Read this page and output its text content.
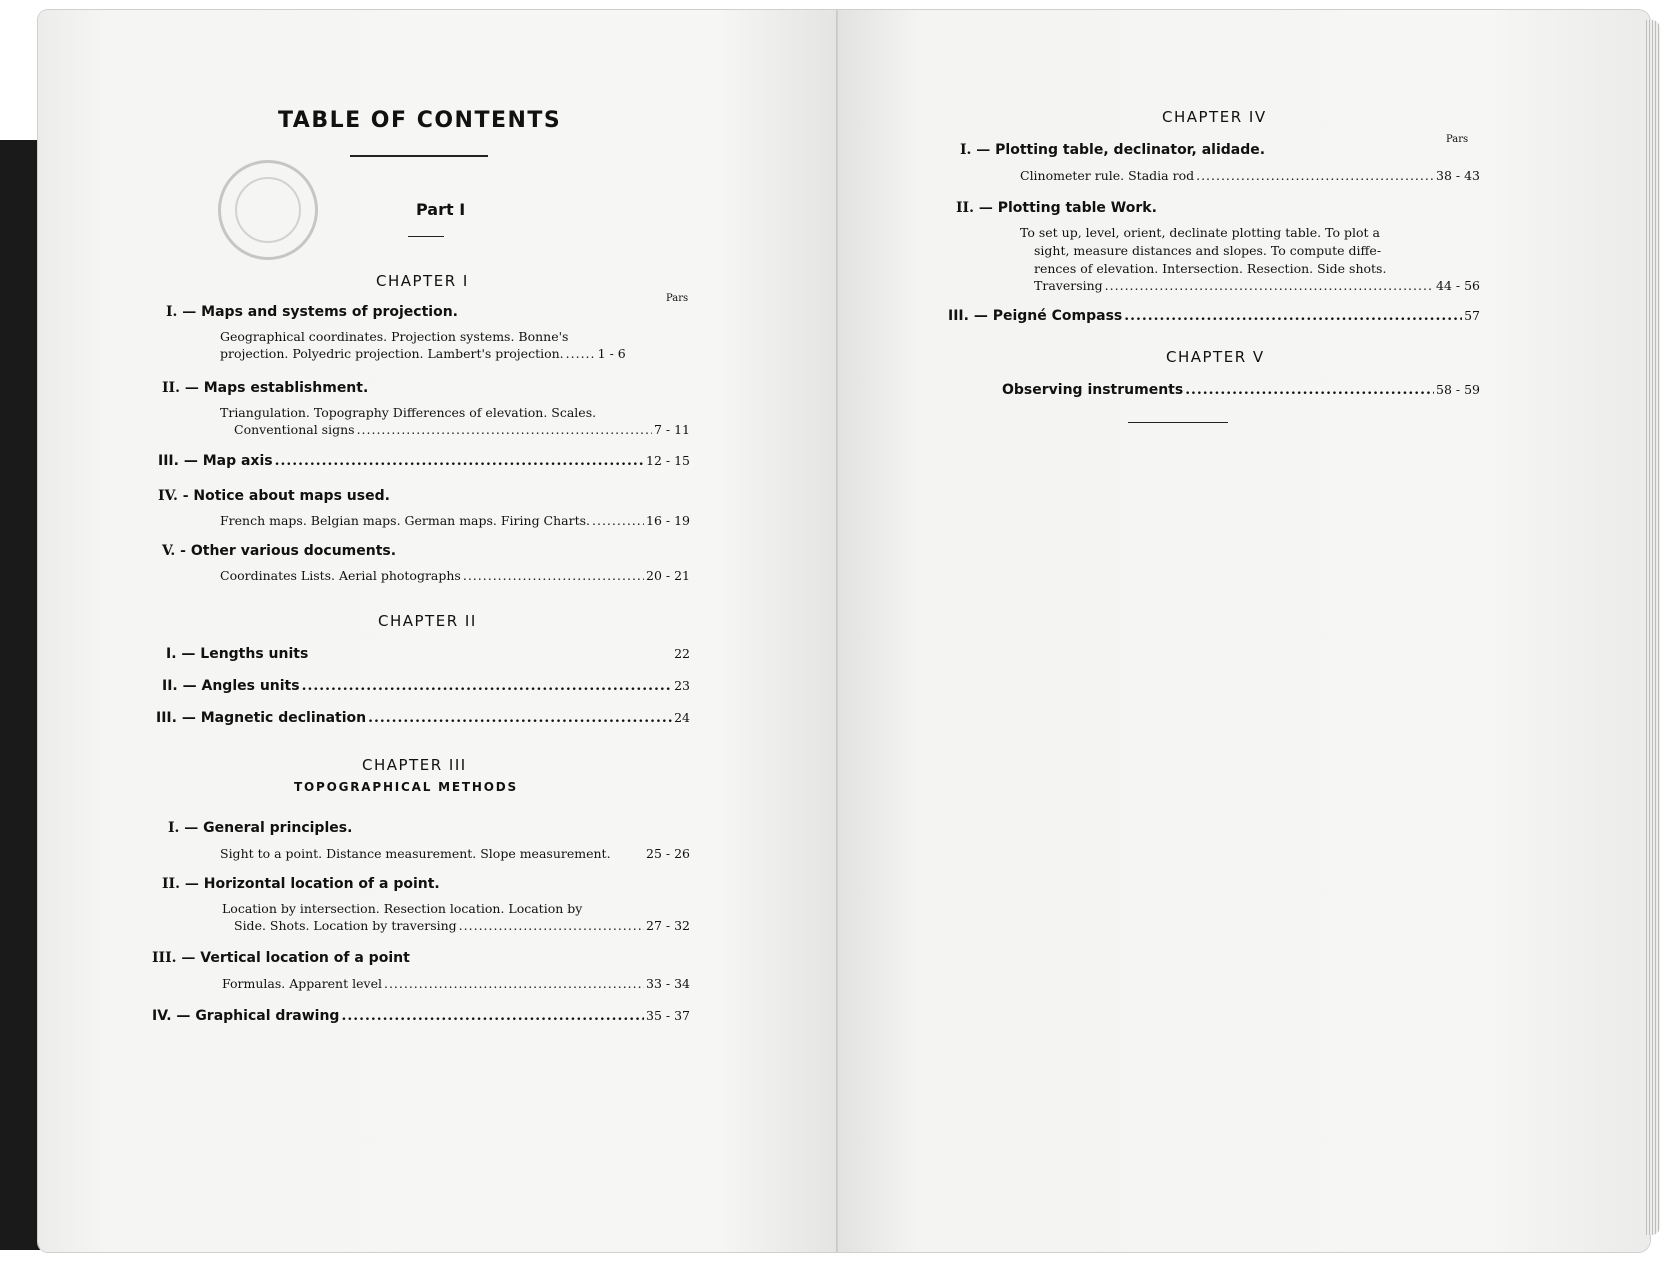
TABLE OF CONTENTS
Part I
CHAPTER I
Pars
I. — Maps and systems of projection.
Geographical coordinates. Projection systems. Bonne's
projection. Polyedric projection. Lambert's projection. .....	1 - 6
II. — Maps establishment.
Triangulation. Topography Differences of elevation. Scales.
Conventional signs .....	7 - 11
III. — Map axis .....	12 - 15
IV. - Notice about maps used.
French maps. Belgian maps. German maps. Firing Charts. .....	16 - 19
V. - Other various documents.
Coordinates Lists. Aerial photographs .....	20 - 21
CHAPTER II
I. — Lengths units	22
II. — Angles units .....	23
III. — Magnetic declination .....	24
CHAPTER III
TOPOGRAPHICAL METHODS
I. — General principles.
Sight to a point. Distance measurement. Slope measurement.	25 - 26
II. — Horizontal location of a point.
Location by intersection. Resection location. Location by
Side. Shots. Location by traversing .....	27 - 32
III. — Vertical location of a point
Formulas. Apparent level .....	33 - 34
IV. — Graphical drawing .....	35 - 37
CHAPTER IV
Pars
I. — Plotting table, declinator, alidade.
Clinometer rule. Stadia rod .....	38 - 43
II. — Plotting table Work.
To set up, level, orient, declinate plotting table. To plot a
sight, measure distances and slopes. To compute diffe-
rences of elevation. Intersection. Resection. Side shots.
Traversing .....	44 - 56
III. — Peigné Compass .....	57
CHAPTER V
Observing instruments .....	58 - 59
